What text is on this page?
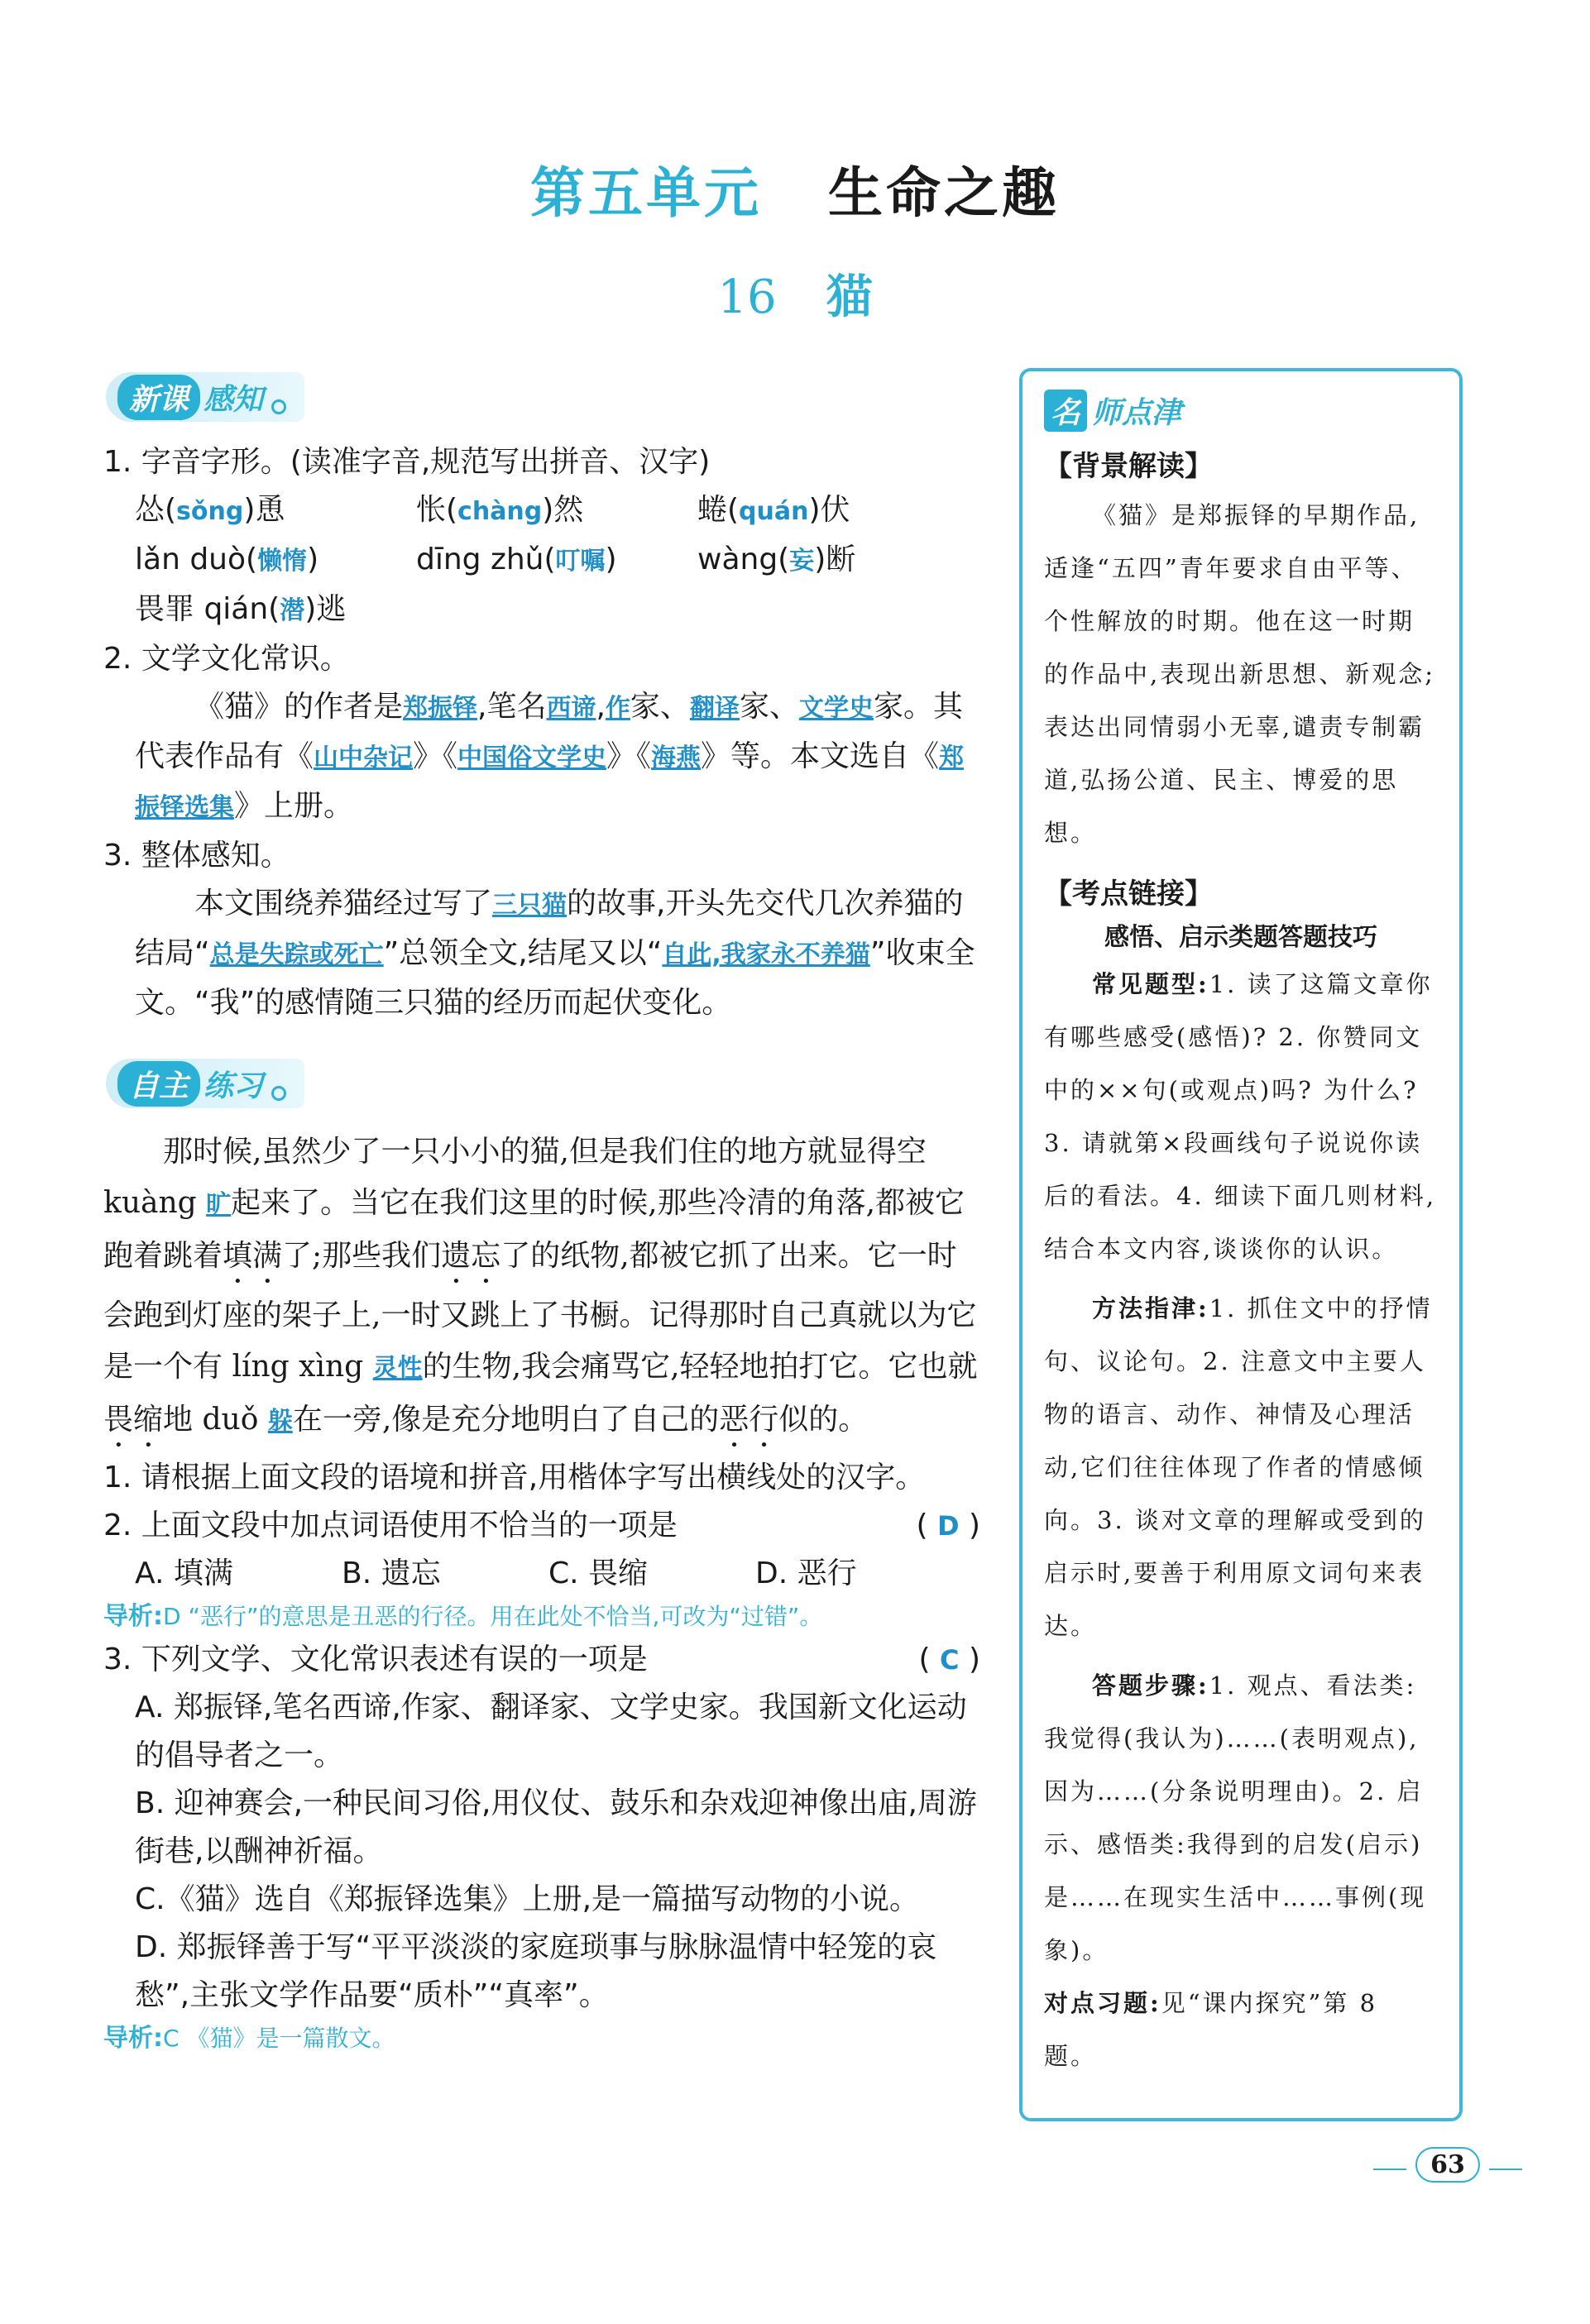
第五单元 生命之趣
16 猫
新课 感知

1. 字音字形。(读准字音,规范写出拼音、汉字)

怂(sǒng)恿	怅(chàng)然	蜷(quán)伏
lǎn duò(懒惰)	dīng zhǔ(叮嘱)	wàng(妄)断
畏罪 qián(潜)逃

2. 文学文化常识。

《猫》的作者是郑振铎,笔名西谛,作家、翻译家、文学史家。其代表作品有《山中杂记》《中国俗文学史》《海燕》等。本文选自《郑振铎选集》上册。

3. 整体感知。

本文围绕养猫经过写了三只猫的故事,开头先交代几次养猫的结局“总是失踪或死亡”总领全文,结尾又以“自此,我家永不养猫”收束全文。“我”的感情随三只猫的经历而起伏变化。

自主 练习

那时候,虽然少了一只小小的猫,但是我们住的地方就显得空 kuàng 旷起来了。当它在我们这里的时候,那些冷清的角落,都被它跑着跳着填满了;那些我们遗忘了的纸物,都被它抓了出来。它一时会跑到灯座的架子上,一时又跳上了书橱。记得那时自己真就以为它是一个有 líng xìng 灵性的生物,我会痛骂它,轻轻地拍打它。它也就畏缩地 duǒ 躲在一旁,像是充分地明白了自己的恶行似的。

1. 请根据上面文段的语境和拼音,用楷体字写出横线处的汉字。

2. 上面文段中加点词语使用不恰当的一项是	( D )

A. 填满	B. 遗忘	C. 畏缩	D. 恶行

导析:D “恶行”的意思是丑恶的行径。用在此处不恰当,可改为“过错”。

3. 下列文学、文化常识表述有误的一项是	( C )

A. 郑振铎,笔名西谛,作家、翻译家、文学史家。我国新文化运动的倡导者之一。

B. 迎神赛会,一种民间习俗,用仪仗、鼓乐和杂戏迎神像出庙,周游街巷,以酬神祈福。

C.《猫》选自《郑振铎选集》上册,是一篇描写动物的小说。

D. 郑振铎善于写“平平淡淡的家庭琐事与脉脉温情中轻笼的哀愁”,主张文学作品要“质朴”“真率”。

导析:C 《猫》是一篇散文。

名 师点津
【背景解读】
《猫》是郑振铎的早期作品,适逢“五四”青年要求自由平等、个性解放的时期。他在这一时期的作品中,表现出新思想、新观念;表达出同情弱小无辜,谴责专制霸道,弘扬公道、民主、博爱的思想。
【考点链接】
感悟、启示类题答题技巧
常见题型:1. 读了这篇文章你有哪些感受(感悟)? 2. 你赞同文中的××句(或观点)吗? 为什么? 3. 请就第×段画线句子说说你读后的看法。4. 细读下面几则材料,结合本文内容,谈谈你的认识。
方法指津:1. 抓住文中的抒情句、议论句。2. 注意文中主要人物的语言、动作、神情及心理活动,它们往往体现了作者的情感倾向。3. 谈对文章的理解或受到的启示时,要善于利用原文词句来表达。
答题步骤:1. 观点、看法类:我觉得(我认为)……(表明观点),因为……(分条说明理由)。2. 启示、感悟类:我得到的启发(启示)是……在现实生活中……事例(现象)。
对点习题:见“课内探究”第 8 题。
63
